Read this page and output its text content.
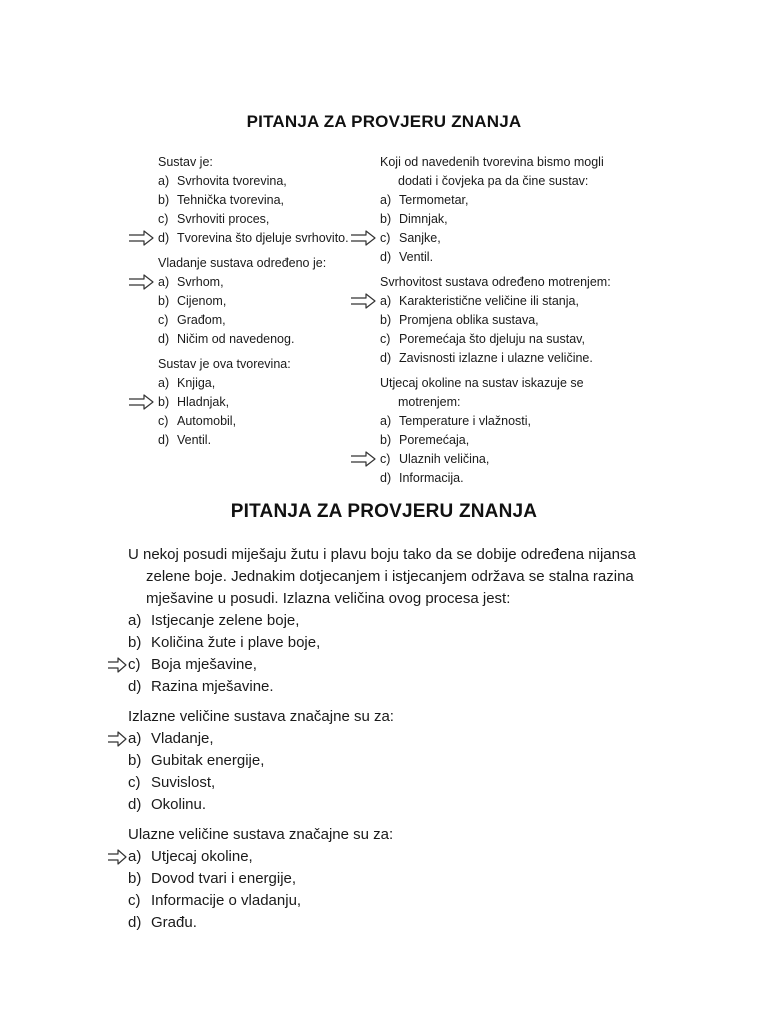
PITANJA ZA PROVJERU ZNANJA
Sustav je:
a) Svrhovita tvorevina,
b) Tehnička tvorevina,
c) Svrhoviti proces,
d) Tvorevina što djeluje svrhovito.
Vladanje sustava određeno je:
a) Svrhom,
b) Cijenom,
c) Građom,
d) Ničim od navedenog.
Sustav je ova tvorevina:
a) Knjiga,
b) Hladnjak,
c) Automobil,
d) Ventil.
Koji od navedenih tvorevina bismo mogli
dodati i čovjeka pa da čine sustav:
a) Termometar,
b) Dimnjak,
c) Sanjke,
d) Ventil.
Svrhovitost sustava određeno motrenjem:
a) Karakteristične veličine ili stanja,
b) Promjena oblika sustava,
c) Poremećaja što djeluju na sustav,
d) Zavisnosti izlazne i ulazne veličine.
Utjecaj okoline na sustav iskazuje se
motrenjem:
a) Temperature i vlažnosti,
b) Poremećaja,
c) Ulaznih veličina,
d) Informacija.
PITANJA ZA PROVJERU ZNANJA
U nekoj posudi miješaju žutu i plavu boju tako da se dobije određena nijansa
zelene boje. Jednakim dotjecanjem i istjecanjem održava se stalna razina
mješavine u posudi. Izlazna veličina ovog procesa jest:
a) Istjecanje zelene boje,
b) Količina žute i plave boje,
c) Boja mješavine,
d) Razina mješavine.
Izlazne veličine sustava značajne su za:
a) Vladanje,
b) Gubitak energije,
c) Suvislost,
d) Okolinu.
Ulazne veličine sustava značajne su za:
a) Utjecaj okoline,
b) Dovod tvari i energije,
c) Informacije o vladanju,
d) Građu.
